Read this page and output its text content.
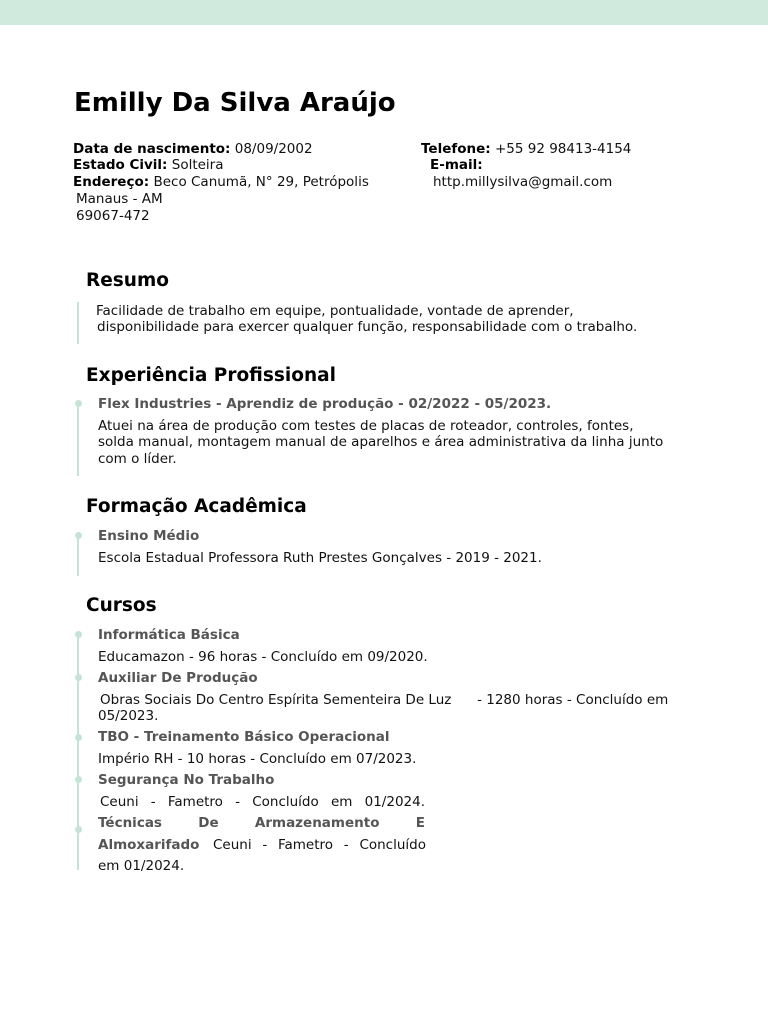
Emilly Da Silva Araújo
Data de nascimento: 08/09/2002
Estado Civil: Solteira
Endereço: Beco Canumã, N° 29, Petrópolis
Manaus - AM
69067-472
Telefone: +55 92 98413-4154
E-mail:
http.millysilva@gmail.com
Resumo
Facilidade de trabalho em equipe, pontualidade, vontade de aprender,
disponibilidade para exercer qualquer função, responsabilidade com o trabalho.
Experiência Profissional
Flex Industries - Aprendiz de produção - 02/2022 - 05/2023.
Atuei na área de produção com testes de placas de roteador, controles, fontes,
solda manual, montagem manual de aparelhos e área administrativa da linha junto
com o líder.
Formação Acadêmica
Ensino Médio
Escola Estadual Professora Ruth Prestes Gonçalves - 2019 - 2021.
Cursos
Informática Básica
Educamazon - 96 horas - Concluído em 09/2020.
Auxiliar De Produção
Obras Sociais Do Centro Espírita Sementeira De Luz      - 1280 horas - Concluído em
05/2023.
TBO - Treinamento Básico Operacional
Império RH - 10 horas - Concluído em 07/2023.
Segurança No Trabalho
Ceuni - Fametro - Concluído em 01/2024.
Técnicas De Armazenamento E
Almoxarifado Ceuni - Fametro - Concluído
em 01/2024.
